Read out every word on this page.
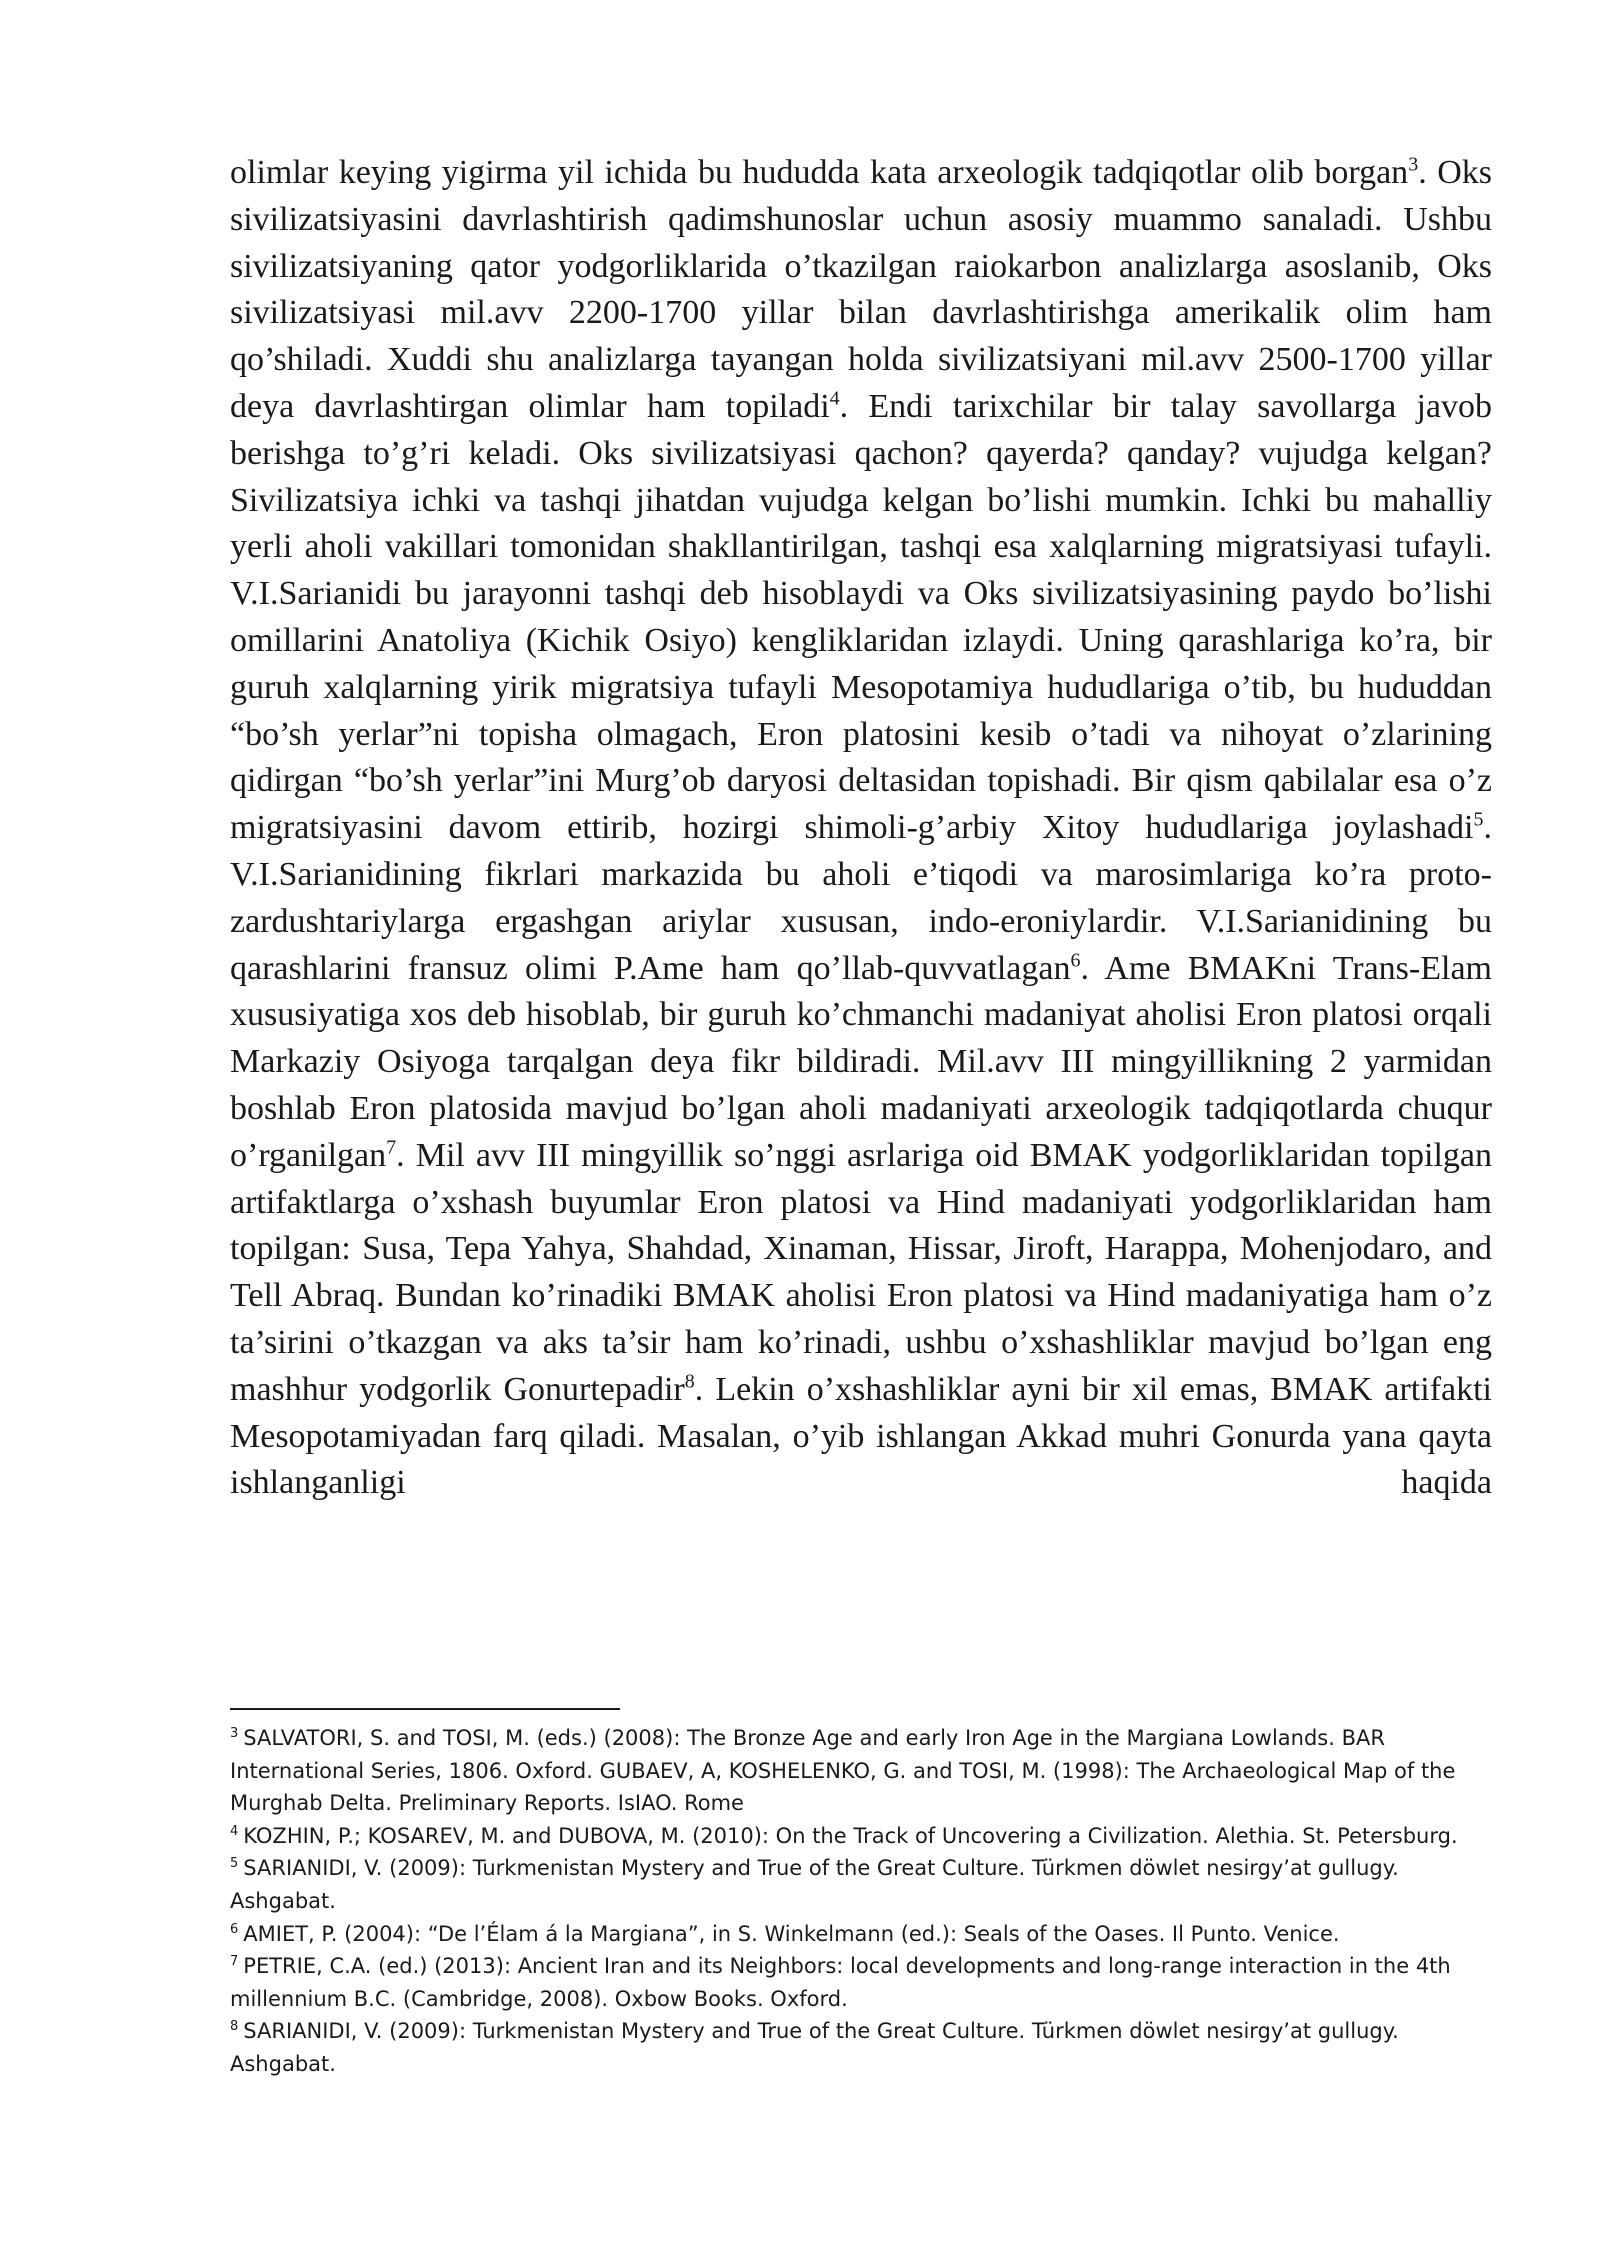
olimlar keying yigirma yil ichida bu hududda kata arxeologik tadqiqotlar olib borgan$^3$. Oks sivilizatsiyasini davrlashtirish qadimshunoslar uchun asosiy muammo sanaladi. Ushbu sivilizatsiyaning qator yodgorliklarida o’tkazilgan raiokarbon analizlarga asoslanib, Oks sivilizatsiyasi mil.avv 2200-1700 yillar bilan davrlashtirishga amerikalik olim ham qo’shiladi. Xuddi shu analizlarga tayangan holda sivilizatsiyani mil.avv 2500-1700 yillar deya davrlashtirgan olimlar ham topiladi$^4$. Endi tarixchilar bir talay savollarga javob berishga to’g’ri keladi. Oks sivilizatsiyasi qachon? qayerda? qanday? vujudga kelgan? Sivilizatsiya ichki va tashqi jihatdan vujudga kelgan bo’lishi mumkin. Ichki bu mahalliy yerli aholi vakillari tomonidan shakllantirilgan, tashqi esa xalqlarning migratsiyasi tufayli. V.I.Sarianidi bu jarayonni tashqi deb hisoblaydi va Oks sivilizatsiyasining paydo bo’lishi omillarini Anatoliya (Kichik Osiyo) kengliklaridan izlaydi. Uning qarashlariga ko’ra, bir guruh xalqlarning yirik migratsiya tufayli Mesopotamiya hududlariga o’tib, bu hududdan “bo’sh yerlar”ni topisha olmagach, Eron platosini kesib o’tadi va nihoyat o’zlarining qidirgan “bo’sh yerlar”ini Murg’ob daryosi deltasidan topishadi. Bir qism qabilalar esa o’z migratsiyasini davom ettirib, hozirgi shimoli-g’arbiy Xitoy hududlariga joylashadi$^5$. V.I.Sarianidining fikrlari markazida bu aholi e’tiqodi va marosimlariga ko’ra proto-zardushtariylarga ergashgan ariylar xususan, indo-eroniylardir. V.I.Sarianidining bu qarashlarini fransuz olimi P.Ame ham qo’llab-quvvatlagan$^6$. Ame BMAKni Trans-Elam xususiyatiga xos deb hisoblab, bir guruh ko’chmanchi madaniyat aholisi Eron platosi orqali Markaziy Osiyoga tarqalgan deya fikr bildiradi. Mil.avv III mingyillikning 2 yarmidan boshlab Eron platosida mavjud bo’lgan aholi madaniyati arxeologik tadqiqotlarda chuqur o’rganilgan$^7$. Mil avv III mingyillik so’nggi asrlariga oid BMAK yodgorliklaridan topilgan artifaktlarga o’xshash buyumlar Eron platosi va Hind madaniyati yodgorliklaridan ham topilgan: Susa, Tepa Yahya, Shahdad, Xinaman, Hissar, Jiroft, Harappa, Mohenjodaro, and Tell Abraq. Bundan ko’rinadiki BMAK aholisi Eron platosi va Hind madaniyatiga ham o’z ta’sirini o’tkazgan va aks ta’sir ham ko’rinadi, ushbu o’xshashliklar mavjud bo’lgan eng mashhur yodgorlik Gonurtepadir$^8$. Lekin o’xshashliklar ayni bir xil emas, BMAK artifakti Mesopotamiyadan farq qiladi. Masalan, o’yib ishlangan Akkad muhri Gonurda yana qayta ishlanganligi haqida

$^3$ SALVATORI, S. and TOSI, M. (eds.) (2008): The Bronze Age and early Iron Age in the Margiana Lowlands. BAR International Series, 1806. Oxford. GUBAEV, A, KOSHELENKO, G. and TOSI, M. (1998): The Archaeological Map of the Murghab Delta. Preliminary Reports. IsIAO. Rome

$^4$ KOZHIN, P.; KOSAREV, M. and DUBOVA, M. (2010): On the Track of Uncovering a Civilization. Alethia. St. Petersburg.

$^5$ SARIANIDI, V. (2009): Turkmenistan Mystery and True of the Great Culture. Türkmen döwlet nesirgy’at gullugy. Ashgabat.

$^6$ AMIET, P. (2004): “De l’Élam á la Margiana”, in S. Winkelmann (ed.): Seals of the Oases. Il Punto. Venice.

$^7$ PETRIE, C.A. (ed.) (2013): Ancient Iran and its Neighbors: local developments and long-range interaction in the 4th millennium B.C. (Cambridge, 2008). Oxbow Books. Oxford.

$^8$ SARIANIDI, V. (2009): Turkmenistan Mystery and True of the Great Culture. Türkmen döwlet nesirgy’at gullugy. Ashgabat.
